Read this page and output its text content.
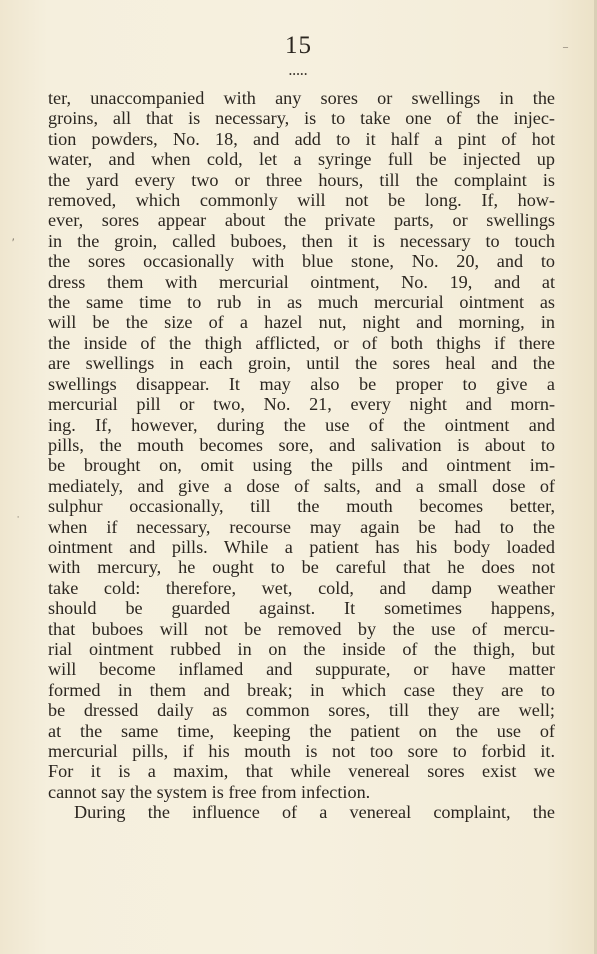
15
•••••
ter, unaccompanied with any sores or swellings in the
groins, all that is necessary, is to take one of the injec-
tion powders, No. 18, and add to it half a pint of hot
water, and when cold, let a syringe full be injected up
the yard every two or three hours, till the complaint is
removed, which commonly will not be long. If, how-
ever, sores appear about the private parts, or swellings
in the groin, called buboes, then it is necessary to touch
the sores occasionally with blue stone, No. 20, and to
dress them with mercurial ointment, No. 19, and at
the same time to rub in as much mercurial ointment as
will be the size of a hazel nut, night and morning, in
the inside of the thigh afflicted, or of both thighs if there
are swellings in each groin, until the sores heal and the
swellings disappear. It may also be proper to give a
mercurial pill or two, No. 21, every night and morn-
ing. If, however, during the use of the ointment and
pills, the mouth becomes sore, and salivation is about to
be brought on, omit using the pills and ointment im-
mediately, and give a dose of salts, and a small dose of
sulphur occasionally, till the mouth becomes better,
when if necessary, recourse may again be had to the
ointment and pills. While a patient has his body loaded
with mercury, he ought to be careful that he does not
take cold: therefore, wet, cold, and damp weather
should be guarded against. It sometimes happens,
that buboes will not be removed by the use of mercu-
rial ointment rubbed in on the inside of the thigh, but
will become inflamed and suppurate, or have matter
formed in them and break; in which case they are to
be dressed daily as common sores, till they are well;
at the same time, keeping the patient on the use of
mercurial pills, if his mouth is not too sore to forbid it.
For it is a maxim, that while venereal sores exist we
cannot say the system is free from infection.
During the influence of a venereal complaint, the
′
·
–
